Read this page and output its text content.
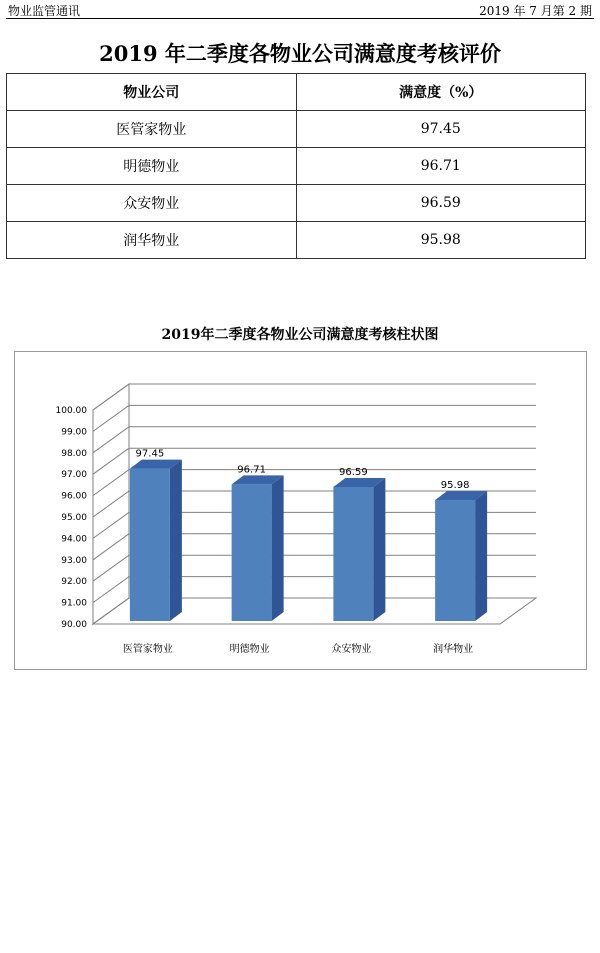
物业监管通讯	2019 年 7 月第 2 期
2019 年二季度各物业公司满意度考核评价
物业公司	满意度（%）
医管家物业	97.45
明德物业	96.71
众安物业	96.59
润华物业	95.98
2019年二季度各物业公司满意度考核柱状图
90.00
91.00
92.00
93.00
94.00
95.00
96.00
97.00
98.00
99.00
100.00
97.45
医管家物业
96.71
明德物业
96.59
众安物业
95.98
润华物业
